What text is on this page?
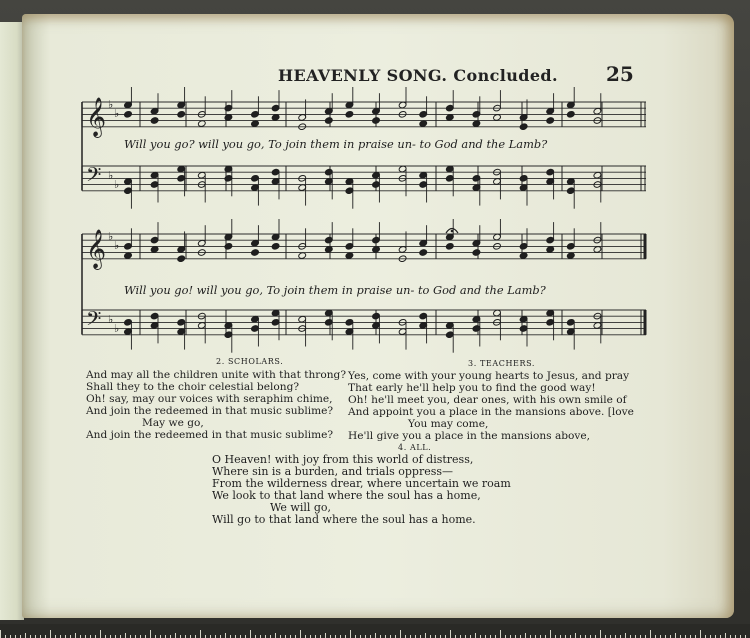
HEAVENLY SONG. Concluded. 25
𝄞 ♭
♭
𝄢 ♭
♭
𝄞 ♭
♭
𝄢 ♭
♭
Will you go? will you go, To join them in praise un- to God and the Lamb?
Will you go! will you go, To join them in praise un- to God and the Lamb?
2. SCHOLARS.
And may all the children unite with that throng?
Shall they to the choir celestial belong?
Oh! say, may our voices with seraphim chime,
And join the redeemed in that music sublime?
May we go,
And join the redeemed in that music sublime?
3. TEACHERS.
Yes, come with your young hearts to Jesus, and pray
That early he'll help you to find the good way!
Oh! he'll meet you, dear ones, with his own smile of
And appoint you a place in the mansions above. [love
You may come,
He'll give you a place in the mansions above,
4. ALL.
O Heaven! with joy from this world of distress,
Where sin is a burden, and trials oppress—
From the wilderness drear, where uncertain we roam
We look to that land where the soul has a home,
We will go,
Will go to that land where the soul has a home.
